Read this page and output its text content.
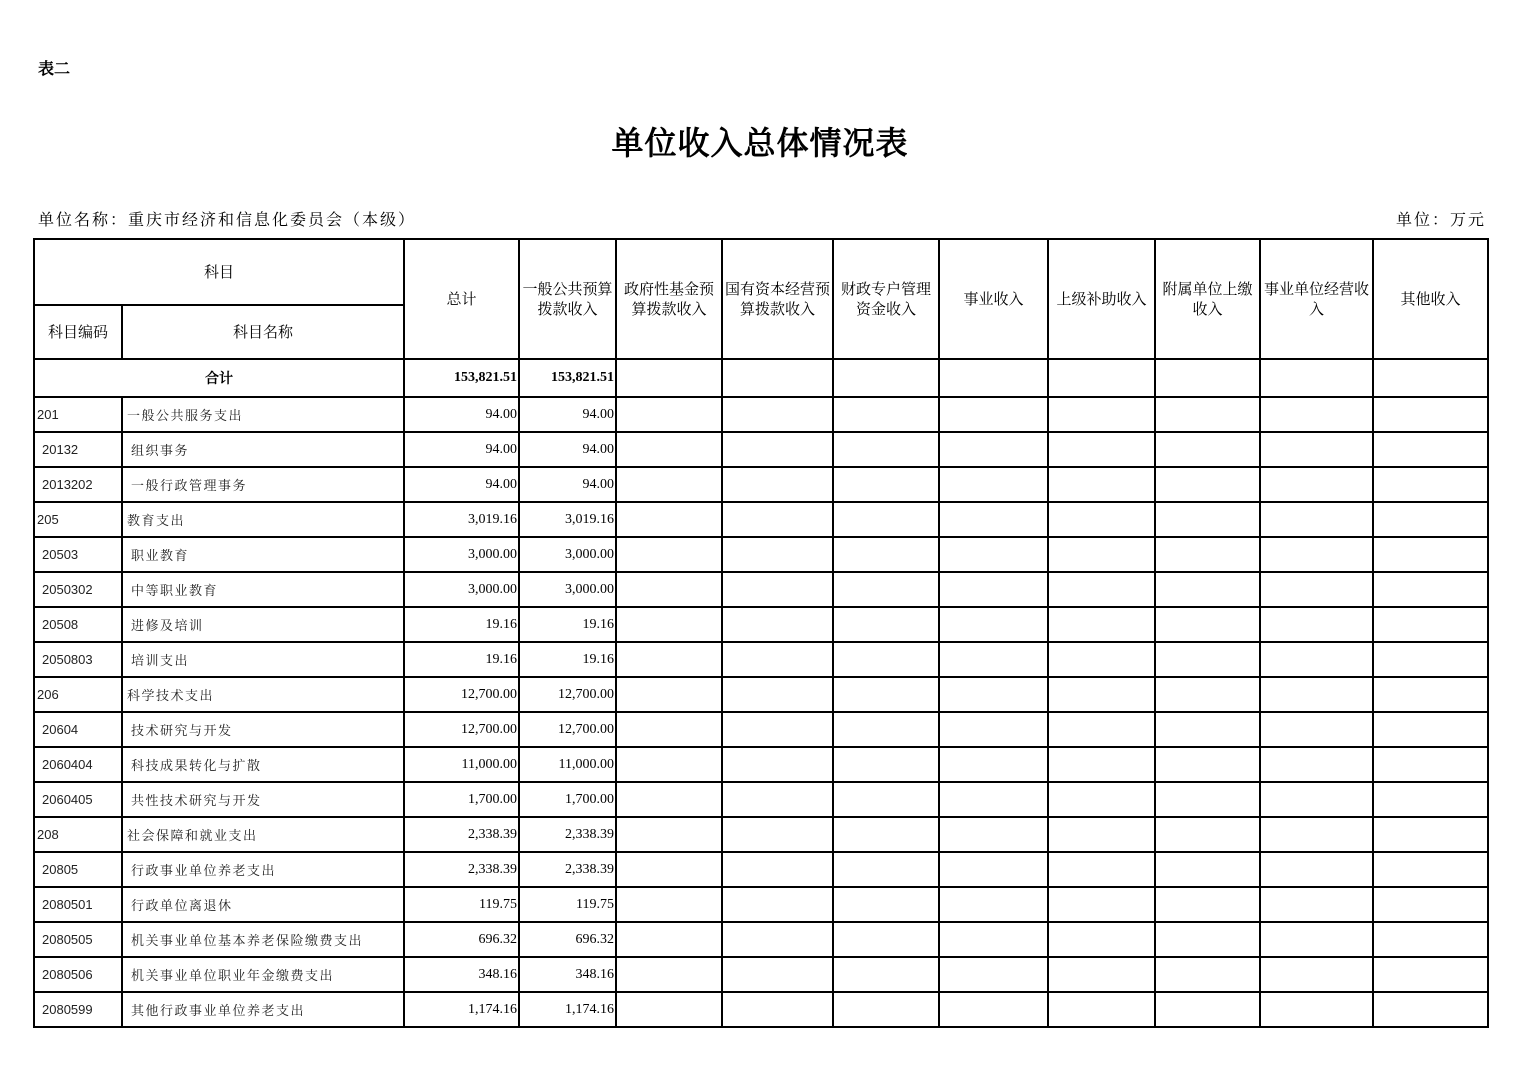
表二
单位收入总体情况表
单位名称：重庆市经济和信息化委员会（本级）	单位：万元
科目		总计	一般公共预算拨款收入	政府性基金预算拨款收入	国有资本经营预算拨款收入	财政专户管理资金收入	事业收入	上级补助收入	附属单位上缴收入	事业单位经营收入	其他收入
科目编码	科目名称										
合计		153,821.51	153,821.51								
201	一般公共服务支出	94.00	94.00								
20132	组织事务	94.00	94.00								
2013202	一般行政管理事务	94.00	94.00								
205	教育支出	3,019.16	3,019.16								
20503	职业教育	3,000.00	3,000.00								
2050302	中等职业教育	3,000.00	3,000.00								
20508	进修及培训	19.16	19.16								
2050803	培训支出	19.16	19.16								
206	科学技术支出	12,700.00	12,700.00								
20604	技术研究与开发	12,700.00	12,700.00								
2060404	科技成果转化与扩散	11,000.00	11,000.00								
2060405	共性技术研究与开发	1,700.00	1,700.00								
208	社会保障和就业支出	2,338.39	2,338.39								
20805	行政事业单位养老支出	2,338.39	2,338.39								
2080501	行政单位离退休	119.75	119.75								
2080505	机关事业单位基本养老保险缴费支出	696.32	696.32								
2080506	机关事业单位职业年金缴费支出	348.16	348.16								
2080599	其他行政事业单位养老支出	1,174.16	1,174.16								
